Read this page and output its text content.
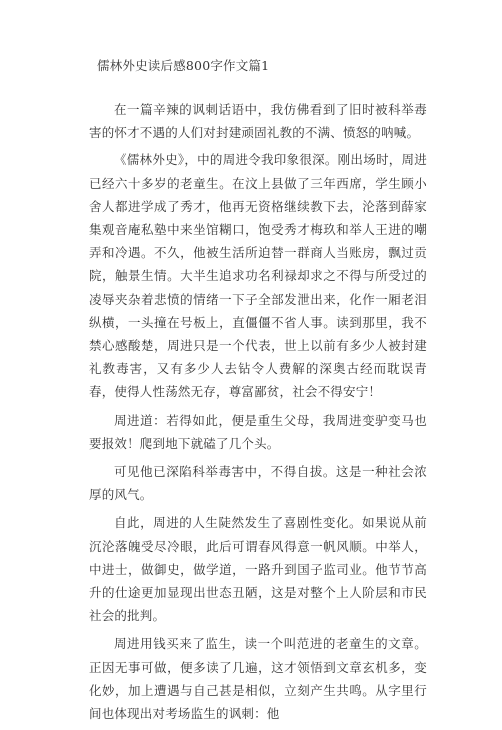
儒林外史读后感800字作文篇1

在一篇辛辣的讽刺话语中，我仿佛看到了旧时被科举毒害的怀才不遇的人们对封建顽固礼教的不满、愤怒的呐喊。

《儒林外史》，中的周进令我印象很深。刚出场时，周进已经六十多岁的老童生。在汶上县做了三年西席，学生顾小舍人都进学成了秀才，他再无资格继续教下去，沦落到薛家集观音庵私塾中来坐馆糊口，饱受秀才梅玖和举人王进的嘲弄和冷遇。不久，他被生活所迫替一群商人当账房，飘过贡院，触景生情。大半生追求功名利禄却求之不得与所受过的凌辱夹杂着悲愤的情绪一下子全部发泄出来，化作一厢老泪纵横，一头撞在号板上，直僵僵不省人事。读到那里，我不禁心感酸楚，周进只是一个代表，世上以前有多少人被封建礼教毒害，又有多少人去钻令人费解的深奥古经而耽误青春，使得人性荡然无存，尊富鄙贫，社会不得安宁！

周进道：若得如此，便是重生父母，我周进变驴变马也要报效！爬到地下就磕了几个头。

可见他已深陷科举毒害中，不得自拔。这是一种社会浓厚的风气。

自此，周进的人生陡然发生了喜剧性变化。如果说从前沉沦落魄受尽冷眼，此后可谓春风得意一帆风顺。中举人，中进士，做御史，做学道，一路升到国子监司业。他节节高升的仕途更加显现出世态丑陋，这是对整个上人阶层和市民社会的批判。

周进用钱买来了监生，读一个叫范进的老童生的文章。正因无事可做，便多读了几遍，这才领悟到文章玄机多，变化妙，加上遭遇与自己甚是相似，立刻产生共鸣。从字里行间也体现出对考场监生的讽刺：他
